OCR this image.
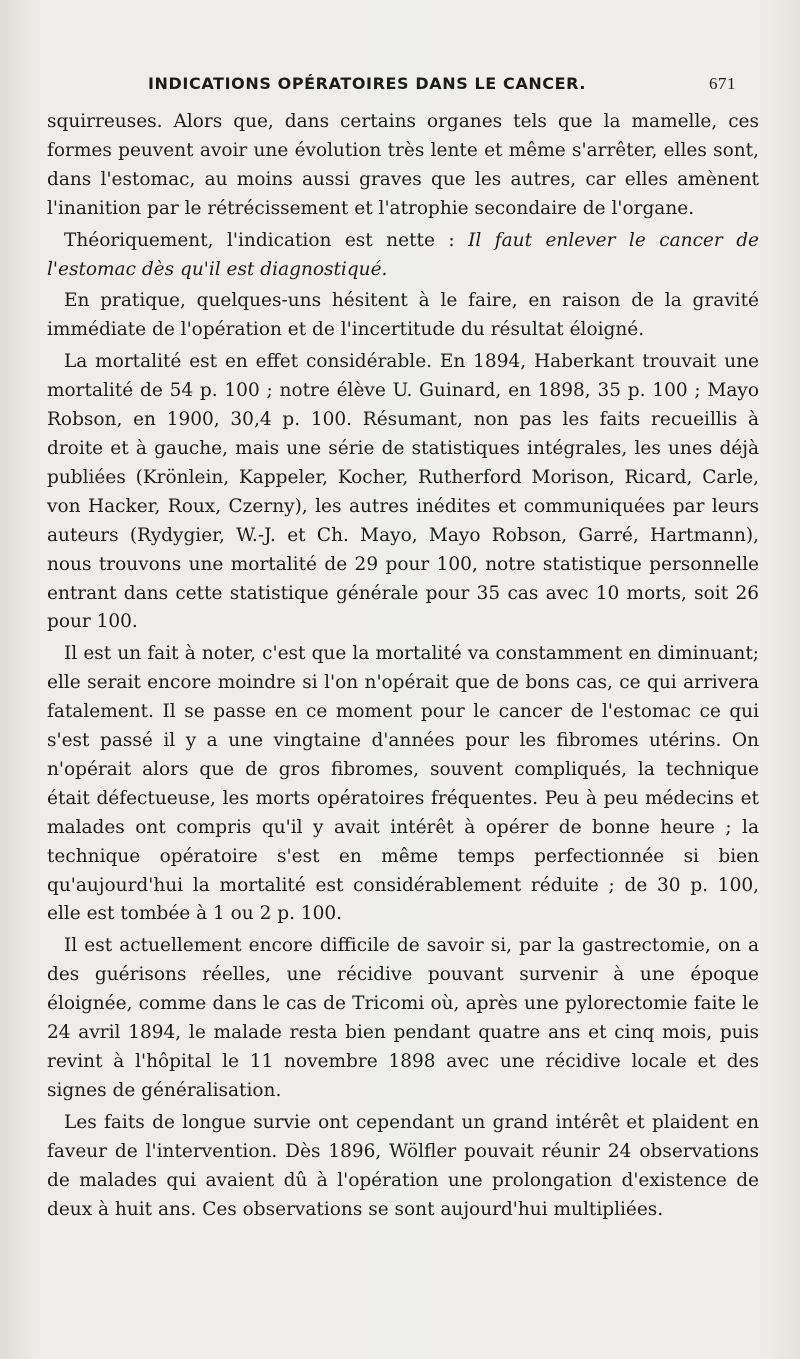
INDICATIONS OPÉRATOIRES DANS LE CANCER.	671

squirreuses. Alors que, dans certains organes tels que la mamelle, ces formes peuvent avoir une évolution très lente et même s'arrêter, elles sont, dans l'estomac, au moins aussi graves que les autres, car elles amènent l'inanition par le rétrécissement et l'atrophie secondaire de l'organe.

Théoriquement, l'indication est nette : Il faut enlever le cancer de l'estomac dès qu'il est diagnostiqué.

En pratique, quelques-uns hésitent à le faire, en raison de la gravité immédiate de l'opération et de l'incertitude du résultat éloigné.

La mortalité est en effet considérable. En 1894, Haberkant trouvait une mortalité de 54 p. 100 ; notre élève U. Guinard, en 1898, 35 p. 100 ; Mayo Robson, en 1900, 30,4 p. 100. Résumant, non pas les faits recueillis à droite et à gauche, mais une série de statistiques intégrales, les unes déjà publiées (Krönlein, Kappeler, Kocher, Rutherford Morison, Ricard, Carle, von Hacker, Roux, Czerny), les autres inédites et communiquées par leurs auteurs (Rydygier, W.-J. et Ch. Mayo, Mayo Robson, Garré, Hartmann), nous trouvons une mortalité de 29 pour 100, notre statistique personnelle entrant dans cette statistique générale pour 35 cas avec 10 morts, soit 26 pour 100.

Il est un fait à noter, c'est que la mortalité va constamment en diminuant; elle serait encore moindre si l'on n'opérait que de bons cas, ce qui arrivera fatalement. Il se passe en ce moment pour le cancer de l'estomac ce qui s'est passé il y a une vingtaine d'années pour les fibromes utérins. On n'opérait alors que de gros fibromes, souvent compliqués, la technique était défectueuse, les morts opératoires fréquentes. Peu à peu médecins et malades ont compris qu'il y avait intérêt à opérer de bonne heure ; la technique opératoire s'est en même temps perfectionnée si bien qu'aujourd'hui la mortalité est considérablement réduite ; de 30 p. 100, elle est tombée à 1 ou 2 p. 100.

Il est actuellement encore difficile de savoir si, par la gastrectomie, on a des guérisons réelles, une récidive pouvant survenir à une époque éloignée, comme dans le cas de Tricomi où, après une pylorectomie faite le 24 avril 1894, le malade resta bien pendant quatre ans et cinq mois, puis revint à l'hôpital le 11 novembre 1898 avec une récidive locale et des signes de généralisation.

Les faits de longue survie ont cependant un grand intérêt et plaident en faveur de l'intervention. Dès 1896, Wölfler pouvait réunir 24 observations de malades qui avaient dû à l'opération une prolongation d'existence de deux à huit ans. Ces observations se sont aujourd'hui multipliées.
